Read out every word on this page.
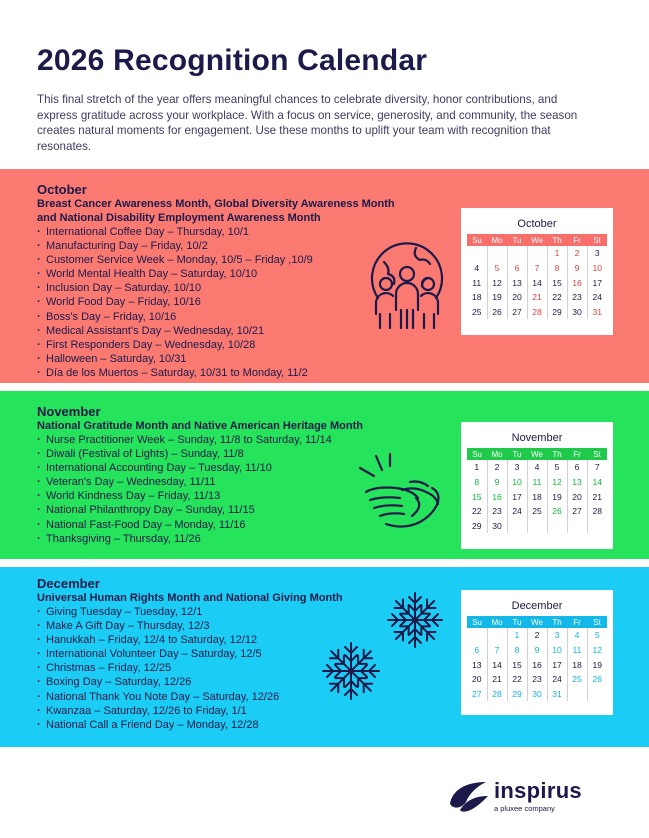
2026 Recognition Calendar

This final stretch of the year offers meaningful chances to celebrate diversity, honor contributions, and express gratitude across your workplace. With a focus on service, generosity, and community, the season creates natural moments for engagement. Use these months to uplift your team with recognition that resonates.

October
Breast Cancer Awareness Month, Global Diversity Awareness Month and National Disability Employment Awareness Month
· International Coffee Day – Thursday, 10/1
· Manufacturing Day – Friday, 10/2
· Customer Service Week – Monday, 10/5 – Friday ,10/9
· World Mental Health Day – Saturday, 10/10
· Inclusion Day – Saturday, 10/10
· World Food Day – Friday, 10/16
· Boss's Day – Friday, 10/16
· Medical Assistant's Day – Wednesday, 10/21
· First Responders Day – Wednesday, 10/28
· Halloween – Saturday, 10/31
· Día de los Muertos – Saturday, 10/31 to Monday, 11/2
October
Su	Mo	Tu	We	Th	Fr	St
				1	2	3
4	5	6	7	8	9	10
11	12	13	14	15	16	17
18	19	20	21	22	23	24
25	26	27	28	29	30	31
November
National Gratitude Month and Native American Heritage Month
· Nurse Practitioner Week – Sunday, 11/8 to Saturday, 11/14
· Diwali (Festival of Lights) – Sunday, 11/8
· International Accounting Day – Tuesday, 11/10
· Veteran's Day – Wednesday, 11/11
· World Kindness Day – Friday, 11/13
· National Philanthropy Day – Sunday, 11/15
· National Fast-Food Day – Monday, 11/16
· Thanksgiving – Thursday, 11/26
November
Su	Mo	Tu	We	Th	Fr	St
1	2	3	4	5	6	7
8	9	10	11	12	13	14
15	16	17	18	19	20	21
22	23	24	25	26	27	28
29	30					
December
Universal Human Rights Month and National Giving Month
· Giving Tuesday – Tuesday, 12/1
· Make A Gift Day – Thursday, 12/3
· Hanukkah – Friday, 12/4 to Saturday, 12/12
· International Volunteer Day – Saturday, 12/5
· Christmas – Friday, 12/25
· Boxing Day – Saturday, 12/26
· National Thank You Note Day – Saturday, 12/26
· Kwanzaa – Saturday, 12/26 to Friday, 1/1
· National Call a Friend Day – Monday, 12/28
December
Su	Mo	Tu	We	Th	Fr	St
		1	2	3	4	5
6	7	8	9	10	11	12
13	14	15	16	17	18	19
20	21	22	23	24	25	26
27	28	29	30	31		
inspirus
a pluxee company
